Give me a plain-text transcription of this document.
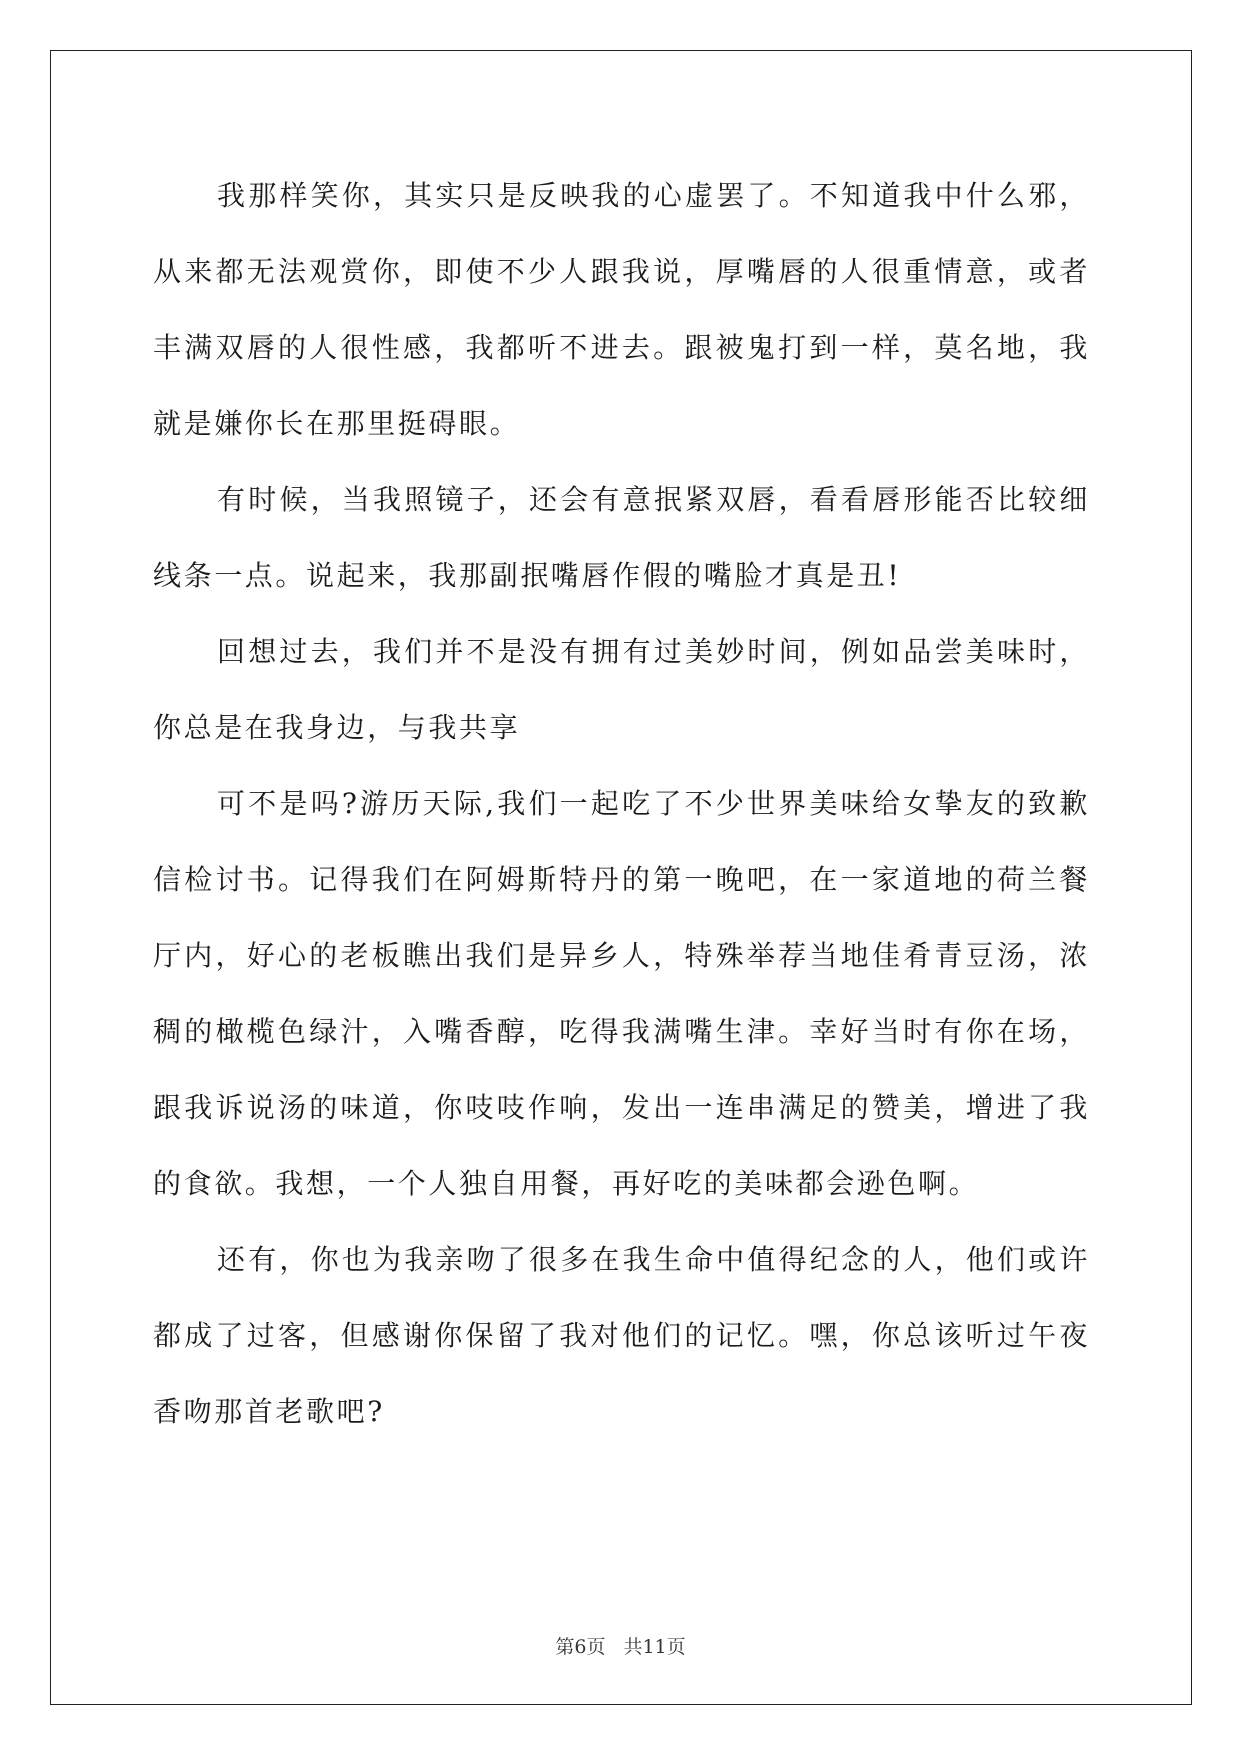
我那样笑你，其实只是反映我的心虚罢了。不知道我中什么邪，从来都无法观赏你，即使不少人跟我说，厚嘴唇的人很重情意，或者丰满双唇的人很性感，我都听不进去。跟被鬼打到一样，莫名地，我就是嫌你长在那里挺碍眼。

有时候，当我照镜子，还会有意抿紧双唇，看看唇形能否比较细线条一点。说起来，我那副抿嘴唇作假的嘴脸才真是丑!

回想过去，我们并不是没有拥有过美妙时间，例如品尝美味时，你总是在我身边，与我共享

可不是吗?游历天际,我们一起吃了不少世界美味给女挚友的致歉信检讨书。记得我们在阿姆斯特丹的第一晚吧，在一家道地的荷兰餐厅内，好心的老板瞧出我们是异乡人，特殊举荐当地佳肴青豆汤，浓稠的橄榄色绿汁，入嘴香醇，吃得我满嘴生津。幸好当时有你在场，跟我诉说汤的味道，你吱吱作响，发出一连串满足的赞美，增进了我的食欲。我想，一个人独自用餐，再好吃的美味都会逊色啊。

还有，你也为我亲吻了很多在我生命中值得纪念的人，他们或许都成了过客，但感谢你保留了我对他们的记忆。嘿，你总该听过午夜香吻那首老歌吧?

第6页 共11页
